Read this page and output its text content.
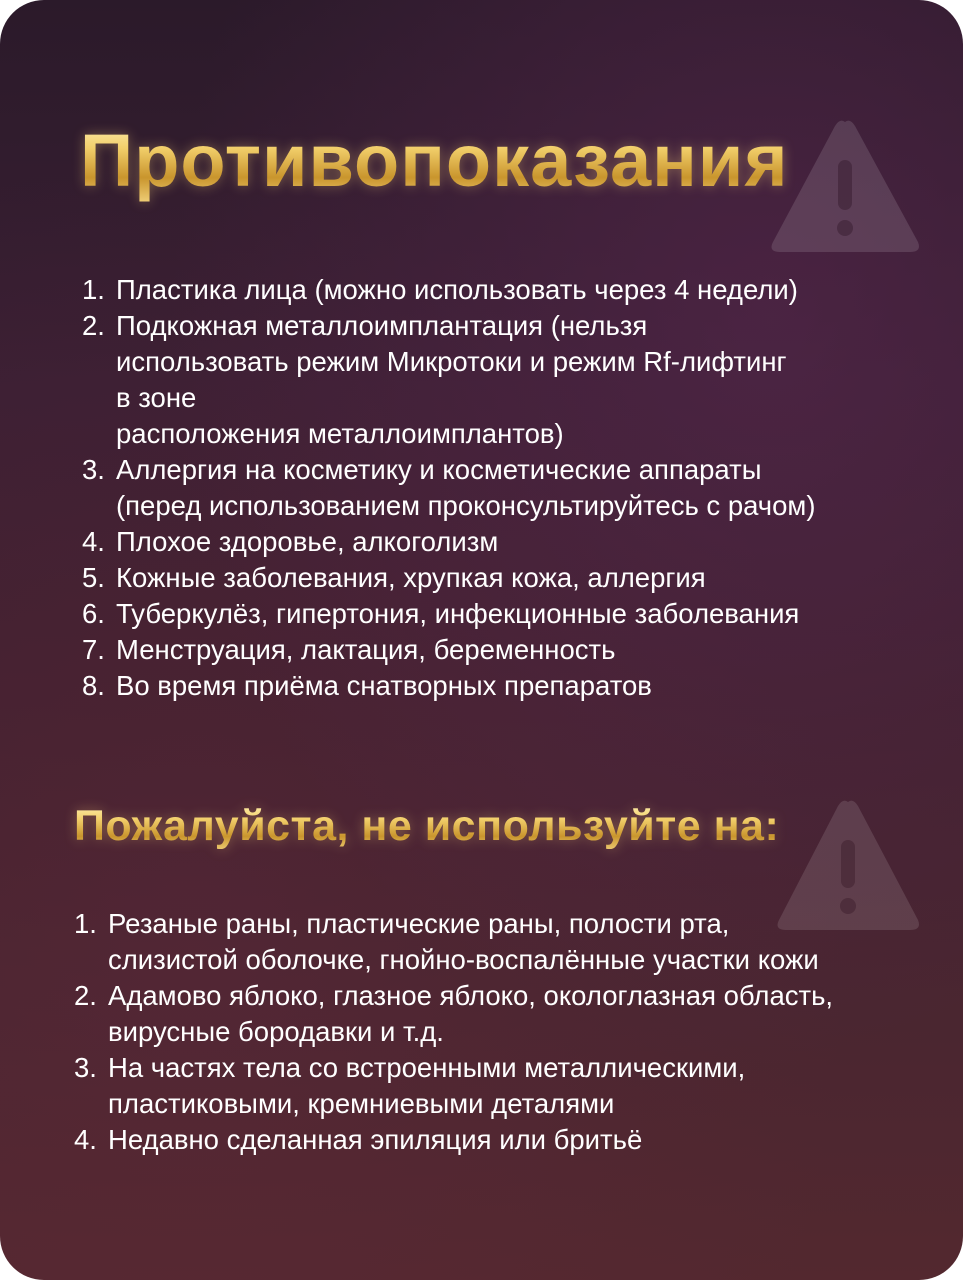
Противопоказания
1. Пластика лица (можно использовать через 4 недели)
2. Подкожная металлоимплантация (нельзя
использовать режим Микротоки и режим Rf-лифтинг
в зоне
расположения металлоимплантов)
3. Аллергия на косметику и косметические аппараты
(перед использованием проконсультируйтесь с рачом)
4. Плохое здоровье, алкоголизм
5. Кожные заболевания, хрупкая кожа, аллергия
6. Туберкулёз, гипертония, инфекционные заболевания
7. Менструация, лактация, беременность
8. Во время приёма снатворных препаратов
Пожалуйста, не используйте на:
1. Резаные раны, пластические раны, полости рта,
слизистой оболочке, гнойно-воспалённые участки кожи
2. Адамово яблоко, глазное яблоко, окологлазная область,
вирусные бородавки и т.д.
3. На частях тела со встроенными металлическими,
пластиковыми, кремниевыми деталями
4. Недавно сделанная эпиляция или бритьё
